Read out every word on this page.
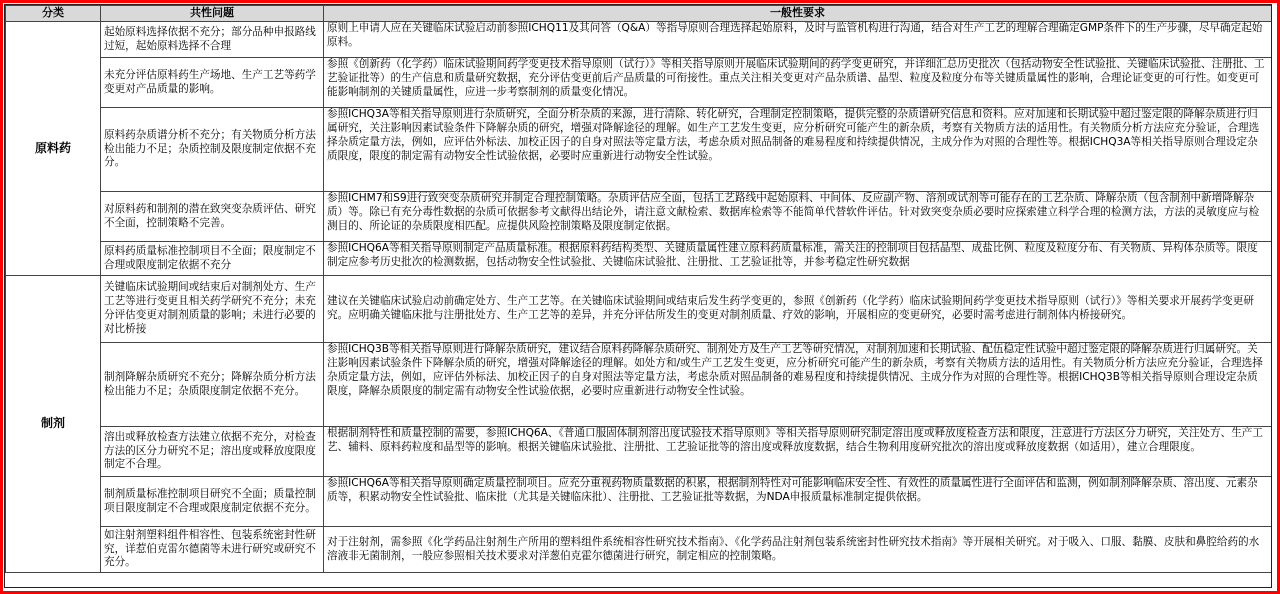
分类	共性问题	一般性要求
原料药	起始原料选择依据不充分；部分品种申报路线过短，起始原料选择不合理	原则上申请人应在关键临床试验启动前参照ICHQ11及其问答（Q&A）等指导原则合理选择起始原料，及时与监管机构进行沟通，结合对生产工艺的理解合理确定GMP条件下的生产步骤，尽早确定起始原料。
	未充分评估原料药生产场地、生产工艺等药学变更对产品质量的影响。	参照《创新药（化学药）临床试验期间药学变更技术指导原则（试行）》等相关指导原则开展临床试验期间的药学变更研究，并详细汇总历史批次（包括动物安全性试验批、关键临床试验批、注册批、工艺验证批等）的生产信息和质量研究数据，充分评估变更前后产品质量的可衔接性。重点关注相关变更对产品杂质谱、晶型、粒度及粒度分布等关键质量属性的影响，合理论证变更的可行性。如变更可能影响制剂的关键质量属性，应进一步考察制剂的质量变化情况。
	原料药杂质谱分析不充分；有关物质分析方法检出能力不足；杂质控制及限度制定依据不充分。	参照ICHQ3A等相关指导原则进行杂质研究，全面分析杂质的来源，进行清除、转化研究，合理制定控制策略，提供完整的杂质谱研究信息和资料。应对加速和长期试验中超过鉴定限的降解杂质进行归属研究，关注影响因素试验条件下降解杂质的研究，增强对降解途径的理解。如生产工艺发生变更，应分析研究可能产生的新杂质，考察有关物质方法的适用性。有关物质分析方法应充分验证，合理选择杂质定量方法，例如，应评估外标法、加校正因子的自身对照法等定量方法，考虑杂质对照品制备的难易程度和持续提供情况，主成分作为对照的合理性等。根据ICHQ3A等相关指导原则合理设定杂质限度，限度的制定需有动物安全性试验依据，必要时应重新进行动物安全性试验。
	对原料药和制剂的潜在致突变杂质评估、研究不全面，控制策略不完善。	参照ICHM7和S9进行致突变杂质研究并制定合理控制策略。杂质评估应全面，包括工艺路线中起始原料、中间体、反应副产物、溶剂或试剂等可能存在的工艺杂质、降解杂质（包含制剂中新增降解杂质）等。除已有充分毒性数据的杂质可依据参考文献得出结论外，请注意文献检索、数据库检索等不能简单代替软件评估。针对致突变杂质必要时应探索建立科学合理的检测方法，方法的灵敏度应与检测目的、所论证的杂质限度相匹配。应提供风险控制策略及限度制定依据。
	原料药质量标准控制项目不全面；限度制定不合理或限度制定依据不充分	参照ICHQ6A等相关指导原则制定产品质量标准。根据原料药结构类型、关键质量属性建立原料药质量标准，需关注的控制项目包括晶型、成盐比例、粒度及粒度分布、有关物质、异构体杂质等。限度制定应参考历史批次的检测数据，包括动物安全性试验批、关键临床试验批、注册批、工艺验证批等，并参考稳定性研究数据
制剂	关键临床试验期间或结束后对制剂处方、生产工艺等进行变更且相关药学研究不充分；未充分评估变更对制剂质量的影响；未进行必要的对比桥接	建议在关键临床试验启动前确定处方、生产工艺等。在关键临床试验期间或结束后发生药学变更的，参照《创新药（化学药）临床试验期间药学变更技术指导原则（试行）》等相关要求开展药学变更研究。应明确关键临床批与注册批处方、生产工艺等的差异，并充分评估所发生的变更对制剂质量、疗效的影响，开展相应的变更研究，必要时需考虑进行制剂体内桥接研究。
	制剂降解杂质研究不充分；降解杂质分析方法检出能力不足；杂质限度制定依据不充分。	参照ICHQ3B等相关指导原则进行降解杂质研究，建议结合原料药降解杂质研究、制剂处方及生产工艺等研究情况，对制剂加速和长期试验、配伍稳定性试验中超过鉴定限的降解杂质进行归属研究。关注影响因素试验条件下降解杂质的研究，增强对降解途径的理解。如处方和/或生产工艺发生变更，应分析研究可能产生的新杂质，考察有关物质方法的适用性。有关物质分析方法应充分验证，合理选择杂质定量方法，例如，应评估外标法、加校正因子的自身对照法等定量方法，考虑杂质对照品制备的难易程度和持续提供情况、主成分作为对照的合理性等。根据ICHQ3B等相关指导原则合理设定杂质限度，降解杂质限度的制定需有动物安全性试验依据，必要时应重新进行动物安全性试验。
	溶出或释放检查方法建立依据不充分，对检查方法的区分力研究不足；溶出度或释放度限度制定不合理。	根据制剂特性和质量控制的需要，参照ICHQ6A、《普通口服固体制剂溶出度试验技术指导原则》等相关指导原则研究制定溶出度或释放度检查方法和限度，注意进行方法区分力研究，关注处方、生产工艺、辅料、原料药粒度和晶型等的影响。根据关键临床试验批、注册批、工艺验证批等的溶出度或释放度数据，结合生物利用度研究批次的溶出度或释放度数据（如适用），建立合理限度。
	制剂质量标准控制项目研究不全面；质量控制项目限度制定不合理或限度制定依据不充分。	参照ICHQ6A等相关指导原则确定质量控制项目。应充分重视药物质量数据的积累，根据制剂特性对可能影响临床安全性、有效性的质量属性进行全面评估和监测，例如制剂降解杂质、溶出度、元素杂质等，积累动物安全性试验批、临床批（尤其是关键临床批）、注册批、工艺验证批等数据，为NDA申报质量标准制定提供依据。
	如注射剂塑料组件相容性、包装系统密封性研究，详惹伯克雷尔德菌等未进行研究或研究不充分。	对于注射剂，需参照《化学药品注射剂生产所用的塑料组件系统相容性研究技术指南》、《化学药品注射剂包装系统密封性研究技术指南》等开展相关研究。对于吸入、口服、黏膜、皮肤和鼻腔给药的水溶液非无菌制剂，一般应参照相关技术要求对洋葱伯克霍尔德菌进行研究，制定相应的控制策略。
